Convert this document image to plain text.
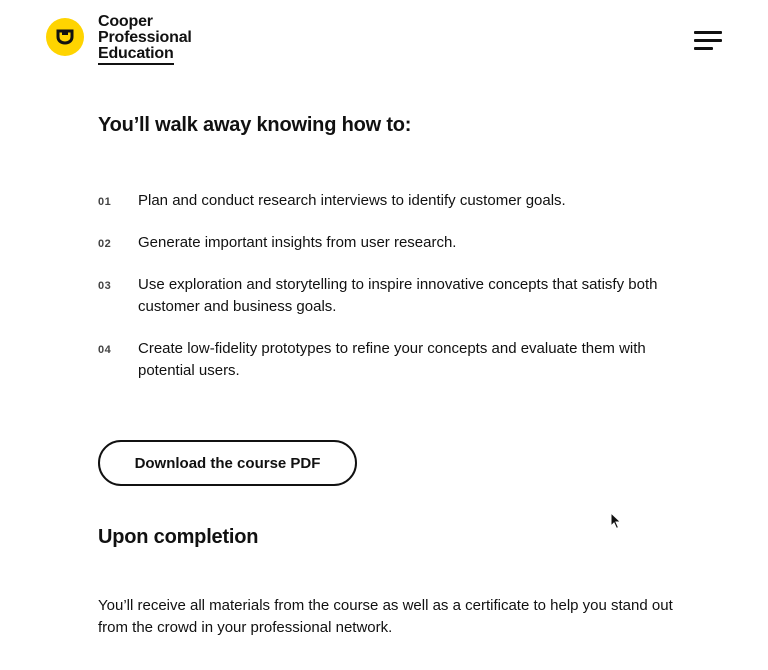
Cooper
Professional
Education
You’ll walk away knowing how to:
01 Plan and conduct research interviews to identify customer goals.
02 Generate important insights from user research.
03 Use exploration and storytelling to inspire innovative concepts that satisfy both customer and business goals.
04 Create low-fidelity prototypes to refine your concepts and evaluate them with potential users.
Download the course PDF
Upon completion

You’ll receive all materials from the course as well as a certificate to help you stand out from the crowd in your professional network.
